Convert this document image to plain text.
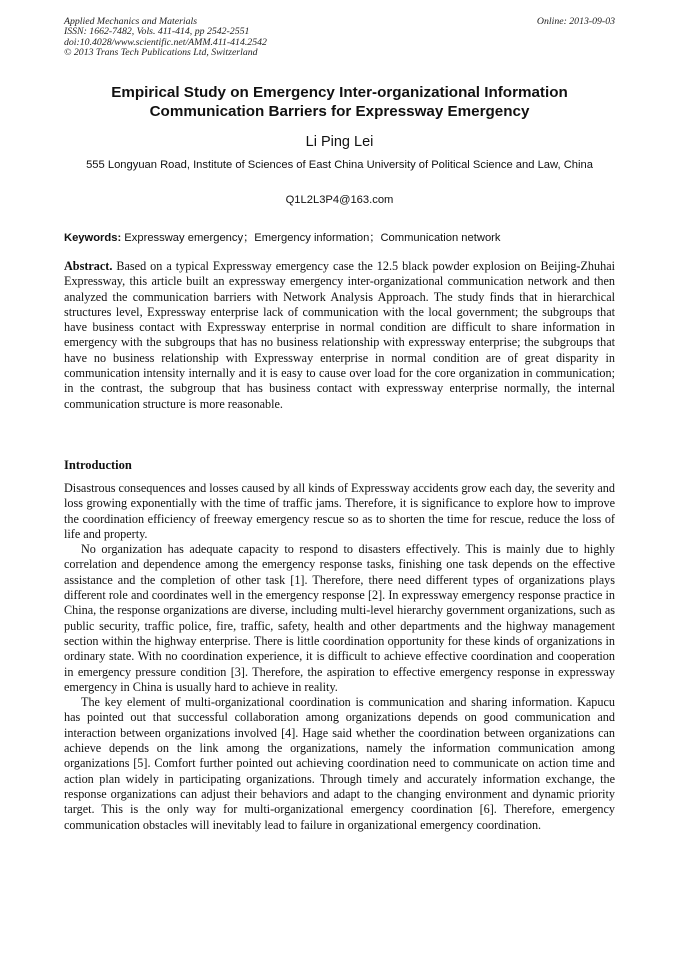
Applied Mechanics and Materials
ISSN: 1662-7482, Vols. 411-414, pp 2542-2551
doi:10.4028/www.scientific.net/AMM.411-414.2542
© 2013 Trans Tech Publications Ltd, Switzerland
Online: 2013-09-03
Empirical Study on Emergency Inter-organizational Information Communication Barriers for Expressway Emergency
Li Ping Lei
555 Longyuan Road, Institute of Sciences of East China University of Political Science and Law, China
Q1L2L3P4@163.com
Keywords: Expressway emergency；Emergency information；Communication network
Abstract. Based on a typical Expressway emergency case the 12.5 black powder explosion on Beijing-Zhuhai Expressway, this article built an expressway emergency inter-organizational communication network and then analyzed the communication barriers with Network Analysis Approach. The study finds that in hierarchical structures level, Expressway enterprise lack of communication with the local government; the subgroups that have business contact with Expressway enterprise in normal condition are difficult to share information in emergency with the subgroups that has no business relationship with expressway enterprise; the subgroups that have no business relationship with Expressway enterprise in normal condition are of great disparity in communication intensity internally and it is easy to cause over load for the core organization in communication; in the contrast, the subgroup that has business contact with expressway enterprise normally, the internal communication structure is more reasonable.
Introduction

Disastrous consequences and losses caused by all kinds of Expressway accidents grow each day, the severity and loss growing exponentially with the time of traffic jams. Therefore, it is significance to explore how to improve the coordination efficiency of freeway emergency rescue so as to shorten the time for rescue, reduce the loss of life and property.

No organization has adequate capacity to respond to disasters effectively. This is mainly due to highly correlation and dependence among the emergency response tasks, finishing one task depends on the effective assistance and the completion of other task [1]. Therefore, there need different types of organizations plays different role and coordinates well in the emergency response [2]. In expressway emergency response practice in China, the response organizations are diverse, including multi-level hierarchy government organizations, such as public security, traffic police, fire, traffic, safety, health and other departments and the highway management section within the highway enterprise. There is little coordination opportunity for these kinds of organizations in ordinary state. With no coordination experience, it is difficult to achieve effective coordination and cooperation in emergency pressure condition [3]. Therefore, the aspiration to effective emergency response in expressway emergency in China is usually hard to achieve in reality.

The key element of multi-organizational coordination is communication and sharing information. Kapucu has pointed out that successful collaboration among organizations depends on good communication and interaction between organizations involved [4]. Hage said whether the coordination between organizations can achieve depends on the link among the organizations, namely the information communication among organizations [5]. Comfort further pointed out achieving coordination need to communicate on action time and action plan widely in participating organizations. Through timely and accurately information exchange, the response organizations can adjust their behaviors and adapt to the changing environment and dynamic priority target. This is the only way for multi-organizational emergency coordination [6]. Therefore, emergency communication obstacles will inevitably lead to failure in organizational emergency coordination.
